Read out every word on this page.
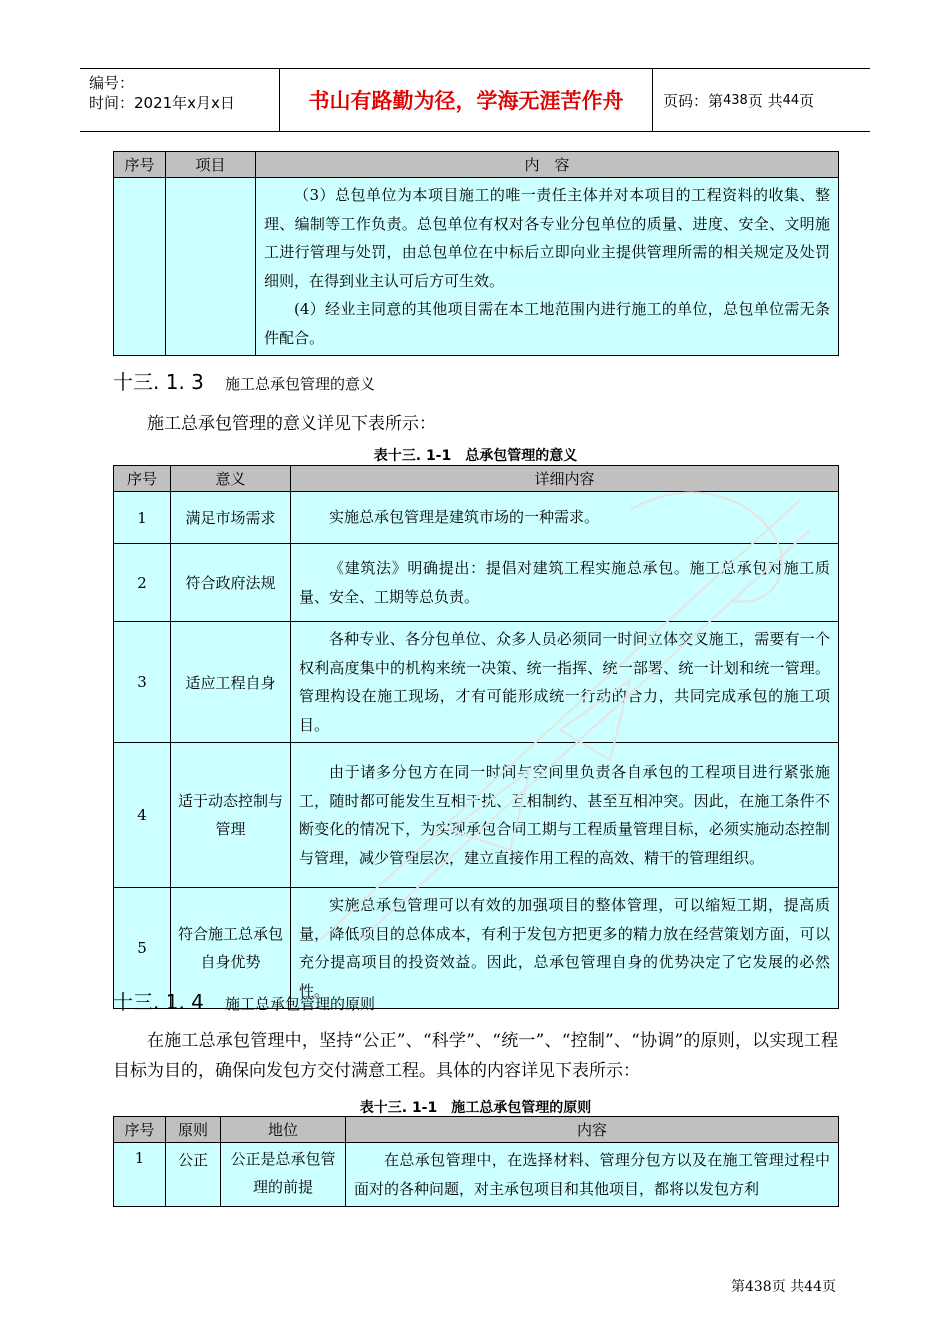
编号：
时间：2021年x月x日	书山有路勤为径，学海无涯苦作舟	页码：第 438 页 共 44 页
序号	项目	内　容

		（3）总包单位为本项目施工的唯一责任主体并对本项目的工程资料的收集、整理、编制等工作负责。总包单位有权对各专业分包单位的质量、进度、安全、文明施工进行管理与处罚，由总包单位在中标后立即向业主提供管理所需的相关规定及处罚细则，在得到业主认可后方可生效。

(4）经业主同意的其他项目需在本工地范围内进行施工的单位，总包单位需无条件配合。

十三. 1. 3	施工总承包管理的意义

施工总承包管理的意义详见下表所示：

表十三. 1-1　总承包管理的意义
序号	意义	详细内容
1	满足市场需求	实施总承包管理是建筑市场的一种需求。

2	符合政府法规	《建筑法》明确提出：提倡对建筑工程实施总承包。施工总承包对施工质量、安全、工期等总负责。

3	适应工程自身	各种专业、各分包单位、众多人员必须同一时间立体交叉施工，需要有一个权利高度集中的机构来统一决策、统一指挥、统一部署、统一计划和统一管理。管理构设在施工现场，才有可能形成统一行动的合力，共同完成承包的施工项目。

4	适于动态控制与管理	由于诸多分包方在同一时间与空间里负责各自承包的工程项目进行紧张施工，随时都可能发生互相干扰、互相制约、甚至互相冲突。因此，在施工条件不断变化的情况下，为实现承包合同工期与工程质量管理目标，必须实施动态控制与管理，减少管理层次，建立直接作用工程的高效、精干的管理组织。

5	符合施工总承包自身优势	实施总承包管理可以有效的加强项目的整体管理，可以缩短工期，提高质量，降低项目的总体成本，有利于发包方把更多的精力放在经营策划方面，可以充分提高项目的投资效益。因此，总承包管理自身的优势决定了它发展的必然性。

十三. 1. 4	施工总承包管理的原则

在施工总承包管理中，坚持“公正”、“科学”、“统一”、“控制”、“协调”的原则，以实现工程目标为目的，确保向发包方交付满意工程。具体的内容详见下表所示：

表十三. 1-1　施工总承包管理的原则
序号	原则	地位	内容
1	公正	公正是总承包管理的前提	在总承包管理中，在选择材料、管理分包方以及在施工管理过程中面对的各种问题，对主承包项目和其他项目，都将以发包方利

第438页 共44页
